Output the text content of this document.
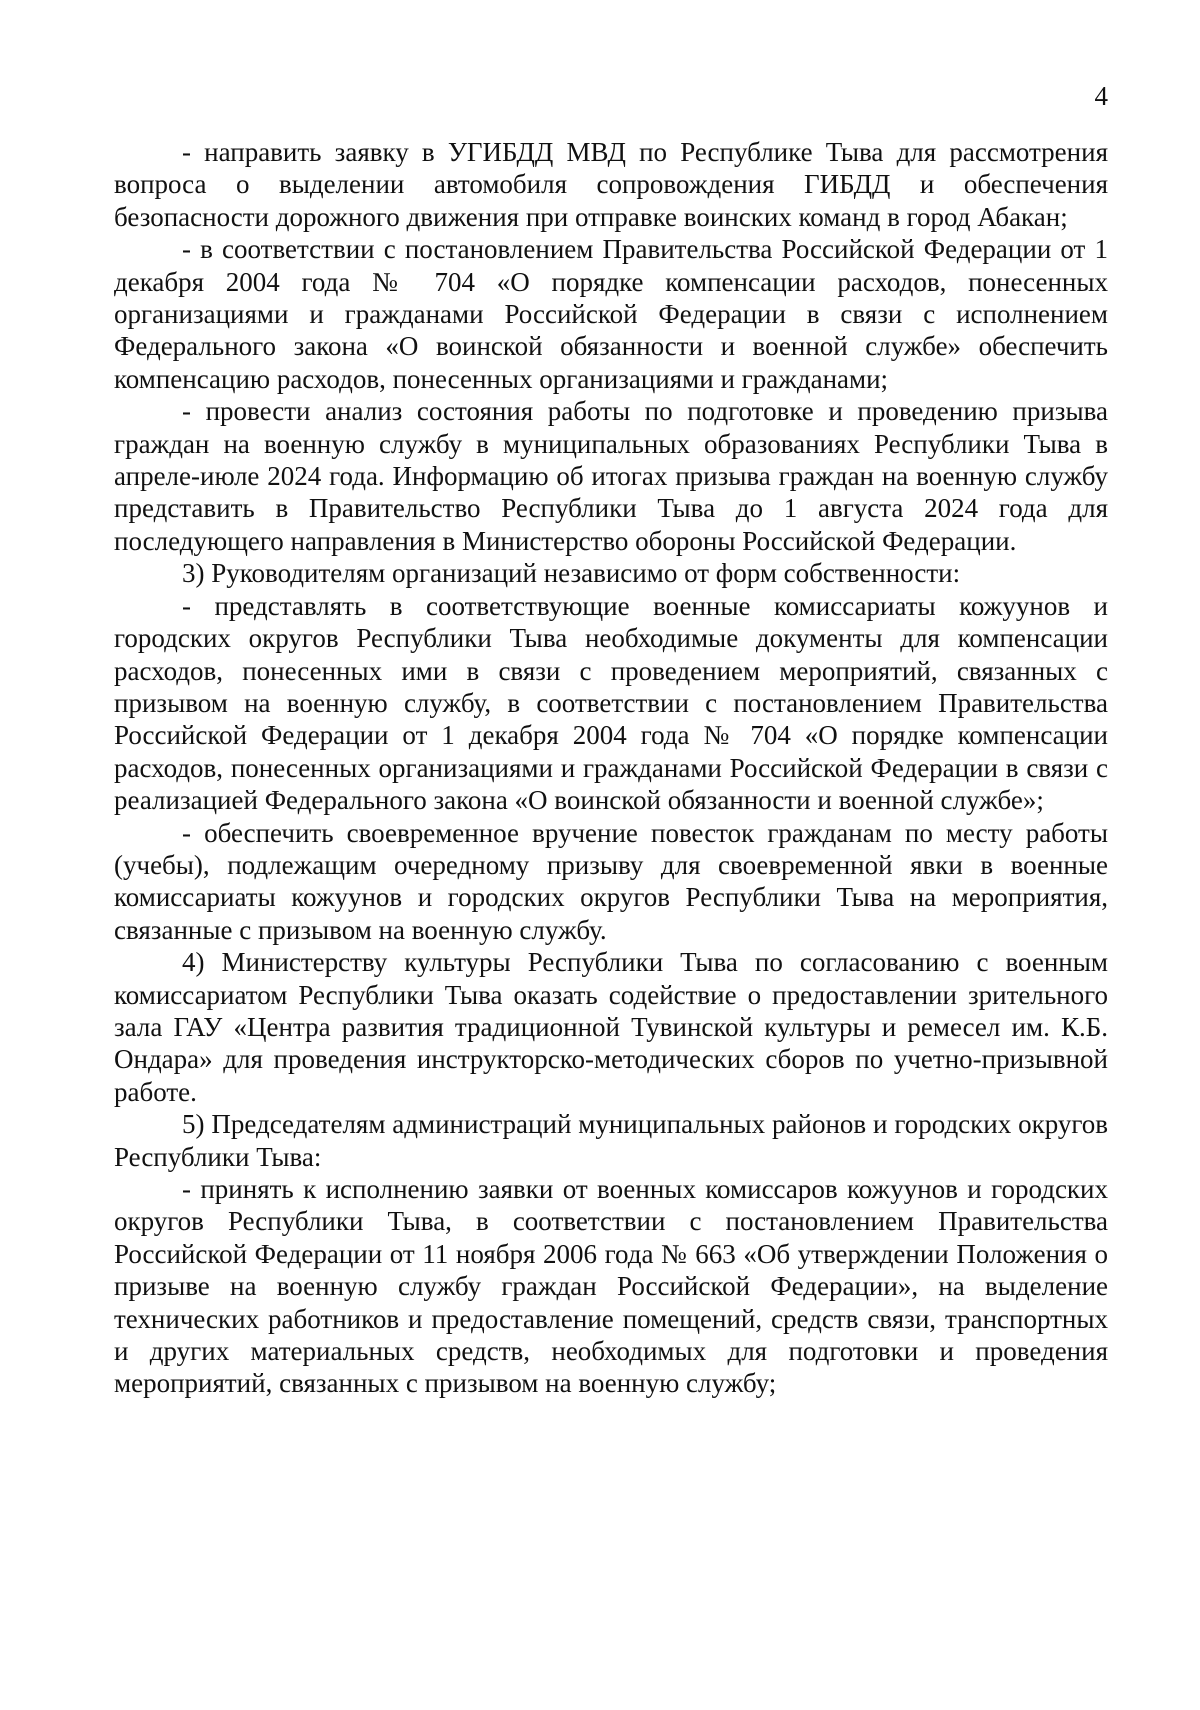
4

- направить заявку в УГИБДД МВД по Республике Тыва для рассмотрения вопроса о выделении автомобиля сопровождения ГИБДД и обеспечения безопасности дорожного движения при отправке воинских команд в город Абакан;

- в соответствии с постановлением Правительства Российской Федерации от 1 декабря 2004 года № 704 «О порядке компенсации расходов, понесенных организациями и гражданами Российской Федерации в связи с исполнением Федерального закона «О воинской обязанности и военной службе» обеспечить компенсацию расходов, понесенных организациями и гражданами;

- провести анализ состояния работы по подготовке и проведению призыва граждан на военную службу в муниципальных образованиях Республики Тыва в апреле-июле 2024 года. Информацию об итогах призыва граждан на военную службу представить в Правительство Республики Тыва до 1 августа 2024 года для последующего направления в Министерство обороны Российской Федерации.

3) Руководителям организаций независимо от форм собственности:

- представлять в соответствующие военные комиссариаты кожуунов и городских округов Республики Тыва необходимые документы для компенсации расходов, понесенных ими в связи с проведением мероприятий, связанных с призывом на военную службу, в соответствии с постановлением Правительства Российской Федерации от 1 декабря 2004 года № 704 «О порядке компенсации расходов, понесенных организациями и гражданами Российской Федерации в связи с реализацией Федерального закона «О воинской обязанности и военной службе»;

- обеспечить своевременное вручение повесток гражданам по месту работы (учебы), подлежащим очередному призыву для своевременной явки в военные комиссариаты кожуунов и городских округов Республики Тыва на мероприятия, связанные с призывом на военную службу.

4) Министерству культуры Республики Тыва по согласованию с военным комиссариатом Республики Тыва оказать содействие о предоставлении зрительного зала ГАУ «Центра развития традиционной Тувинской культуры и ремесел им. К.Б. Ондара» для проведения инструкторско-методических сборов по учетно-призывной работе.

5) Председателям администраций муниципальных районов и городских округов Республики Тыва:

- принять к исполнению заявки от военных комиссаров кожуунов и городских округов Республики Тыва, в соответствии с постановлением Правительства Российской Федерации от 11 ноября 2006 года № 663 «Об утверждении Положения о призыве на военную службу граждан Российской Федерации», на выделение технических работников и предоставление помещений, средств связи, транспортных и других материальных средств, необходимых для подготовки и проведения мероприятий, связанных с призывом на военную службу;
